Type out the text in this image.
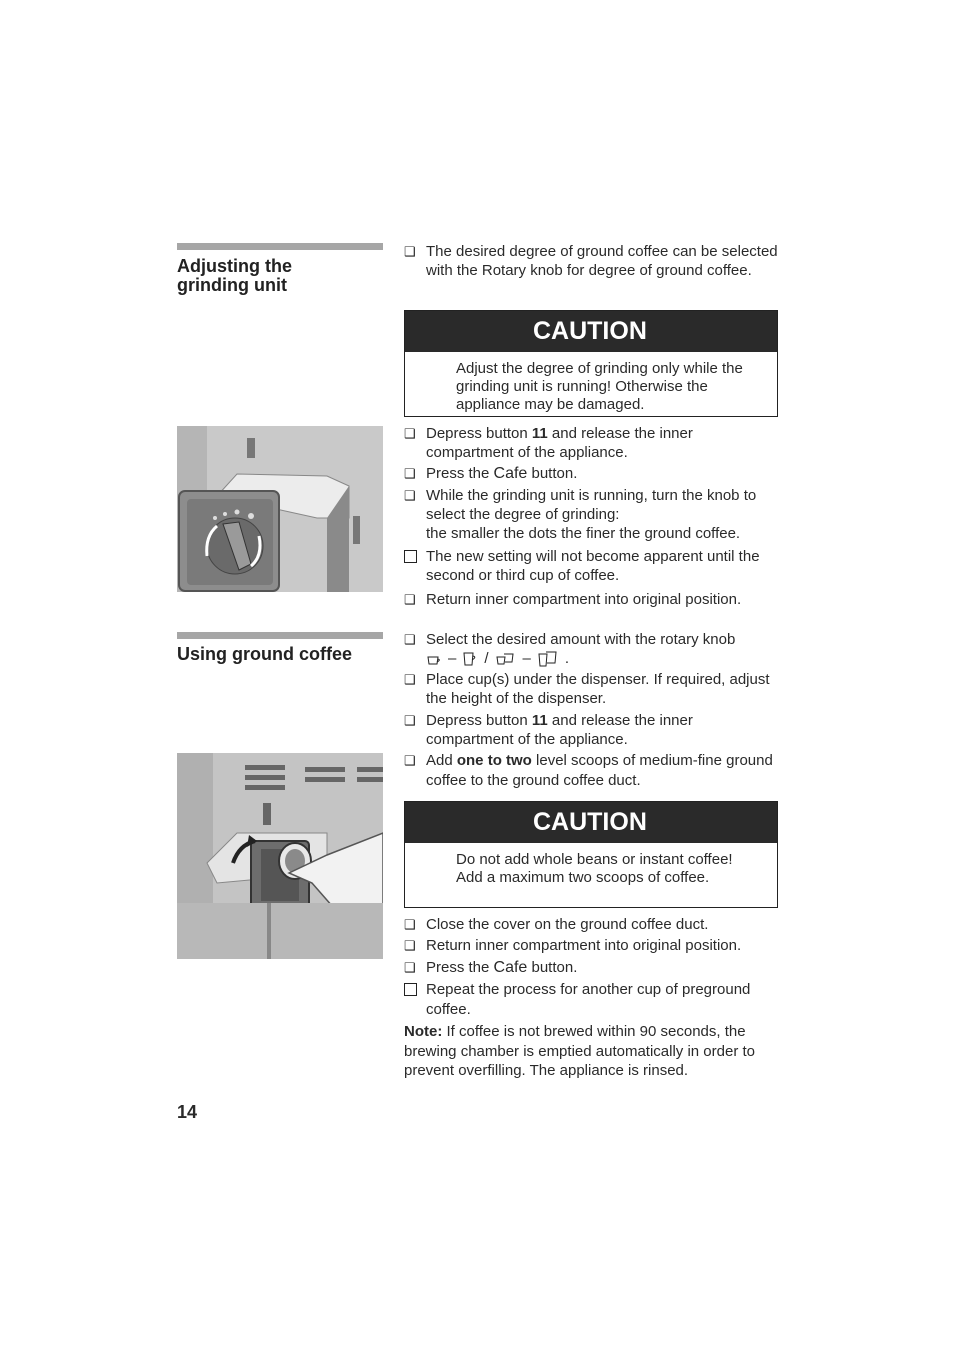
Adjusting the grinding unit
❑ The desired degree of ground coffee can be selected with the Rotary knob for degree of ground coffee.
CAUTION
Adjust the degree of grinding only while the grinding unit is running! Otherwise the appliance may be damaged.
❑ Depress button 11 and release the inner compartment of the appliance.
❑ Press the Cafe button.
❑ While the grinding unit is running, turn the knob to select the degree of grinding:
the smaller the dots the finer the ground coffee.
The new setting will not become apparent until the second or third cup of coffee.
❑ Return inner compartment into original position.
Using ground coffee
❑ Select the desired amount with the rotary knob

– / – .
❑ Place cup(s) under the dispenser. If required, adjust the height of the dispenser.
❑ Depress button 11 and release the inner compartment of the appliance.
❑ Add one to two level scoops of medium-fine ground coffee to the ground coffee duct.
CAUTION
Do not add whole beans or instant coffee! Add a maximum two scoops of coffee.
❑ Close the cover on the ground coffee duct.
❑ Return inner compartment into original position.
❑ Press the Cafe button.
Repeat the process for another cup of preground coffee.
Note: If coffee is not brewed within 90 seconds, the brewing chamber is emptied automatically in order to prevent overfilling. The appliance is rinsed.
14
